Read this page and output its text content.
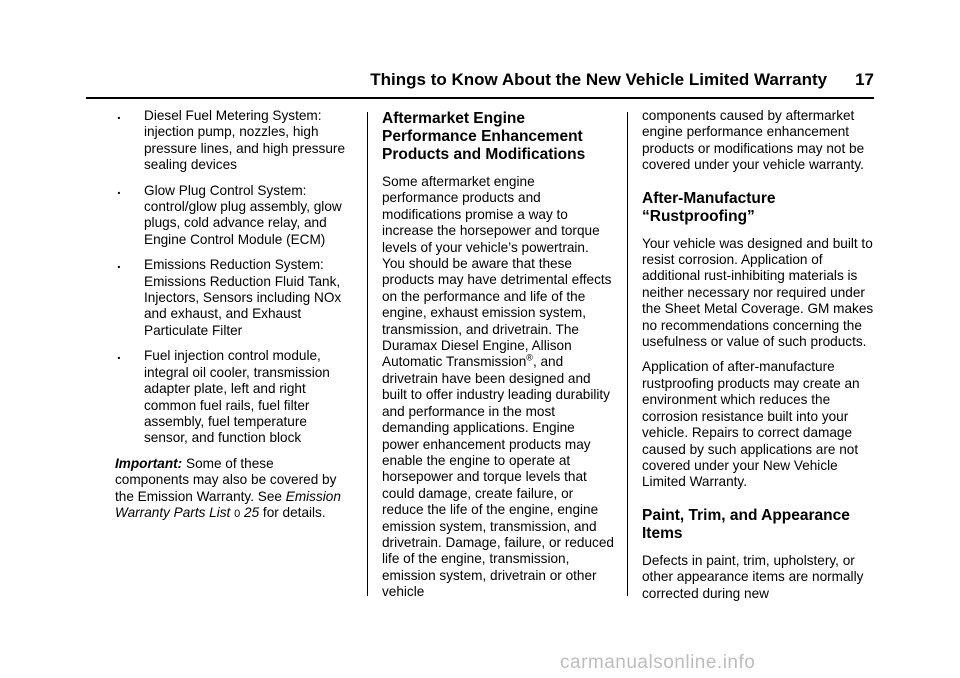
Things to Know About the New Vehicle Limited Warranty 17
. Diesel Fuel Metering System: injection pump, nozzles, high pressure lines, and high pressure sealing devices
. Glow Plug Control System: control/glow plug assembly, glow plugs, cold advance relay, and Engine Control Module (ECM)
. Emissions Reduction System: Emissions Reduction Fluid Tank, Injectors, Sensors including NOx and exhaust, and Exhaust Particulate Filter
. Fuel injection control module, integral oil cooler, transmission adapter plate, left and right common fuel rails, fuel filter assembly, fuel temperature sensor, and function block

Important: Some of these components may also be covered by the Emission Warranty. See Emission Warranty Parts List 0 25 for details.

Aftermarket Engine Performance Enhancement Products and Modifications

Some aftermarket engine performance products and modifications promise a way to increase the horsepower and torque levels of your vehicle’s powertrain. You should be aware that these products may have detrimental effects on the performance and life of the engine, exhaust emission system, transmission, and drivetrain. The Duramax Diesel Engine, Allison Automatic Transmission®, and drivetrain have been designed and built to offer industry leading durability and performance in the most demanding applications. Engine power enhancement products may enable the engine to operate at horsepower and torque levels that could damage, create failure, or reduce the life of the engine, engine emission system, transmission, and drivetrain. Damage, failure, or reduced life of the engine, transmission, emission system, drivetrain or other vehicle

components caused by aftermarket engine performance enhancement products or modifications may not be covered under your vehicle warranty.

After-Manufacture “Rustproofing”

Your vehicle was designed and built to resist corrosion. Application of additional rust-inhibiting materials is neither necessary nor required under the Sheet Metal Coverage. GM makes no recommendations concerning the usefulness or value of such products.

Application of after-manufacture rustproofing products may create an environment which reduces the corrosion resistance built into your vehicle. Repairs to correct damage caused by such applications are not covered under your New Vehicle Limited Warranty.

Paint, Trim, and Appearance Items

Defects in paint, trim, upholstery, or other appearance items are normally corrected during new

carmanualsonline.info
